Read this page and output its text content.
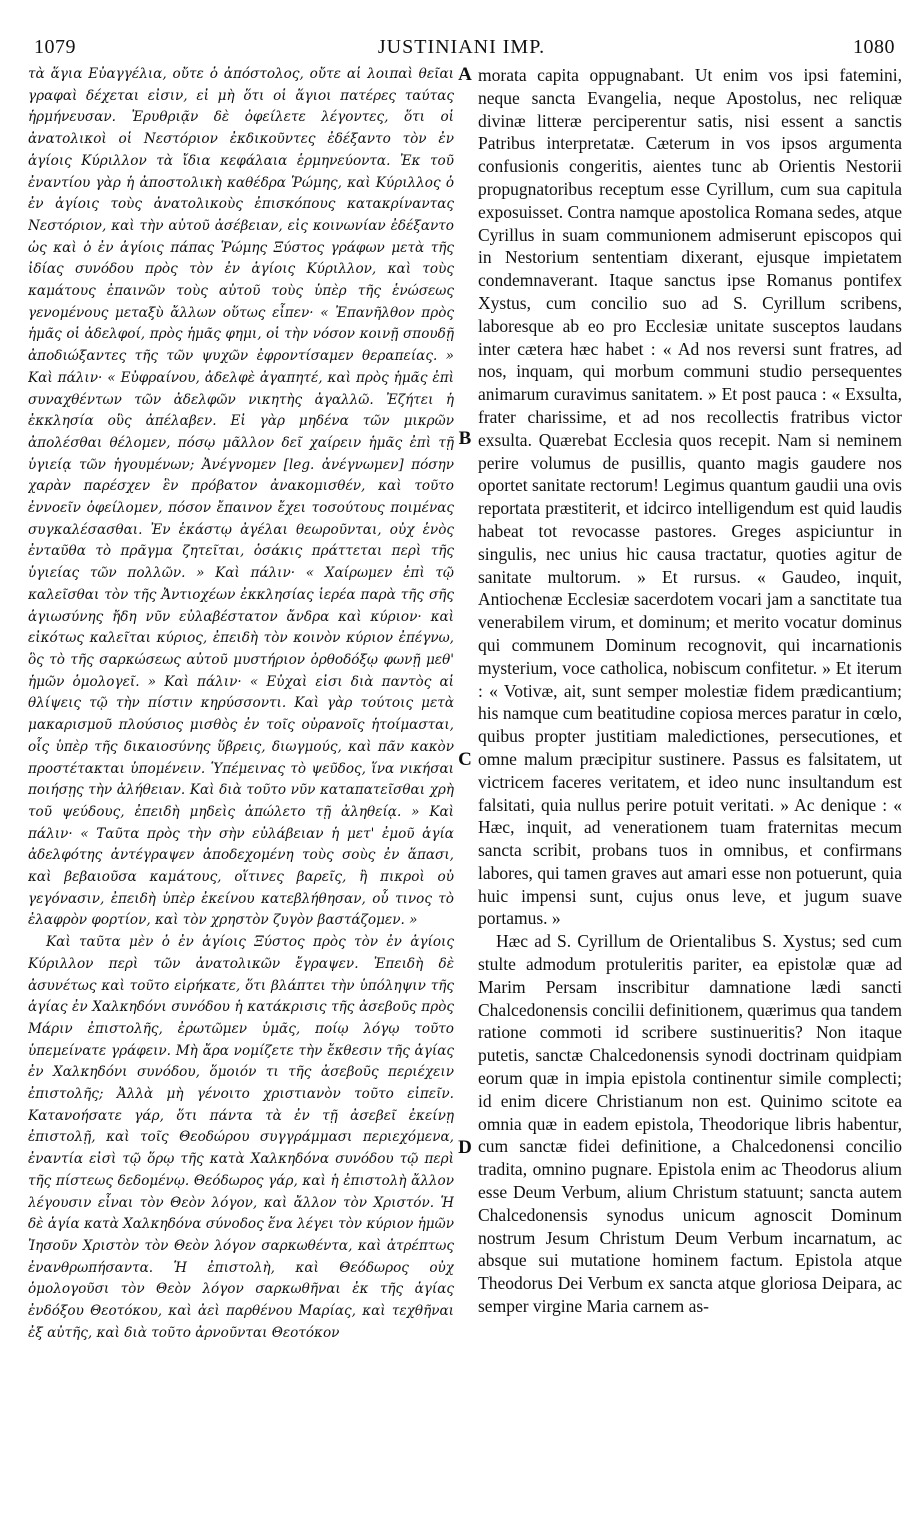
1079	JUSTINIANI IMP.	1080

τὰ ἅγια Εὐαγγέλια, οὔτε ὁ ἀπόστολος, οὔτε αἱ λοιπαὶ θεῖαι γραφαὶ δέχεται εἰσιν, εἰ μὴ ὅτι οἱ ἅγιοι πατέρες ταύτας ἡρμήνευσαν. Ἐρυθριᾷν δὲ ὀφείλετε λέγοντες, ὅτι οἱ ἀνατολικοὶ οἱ Νεστόριον ἐκδικοῦντες ἐδέξαντο τὸν ἐν ἁγίοις Κύριλλον τὰ ἴδια κεφάλαια ἑρμηνεύοντα. Ἐκ τοῦ ἐναντίου γὰρ ἡ ἀποστολικὴ καθέδρα Ῥώμης, καὶ Κύριλλος ὁ ἐν ἁγίοις τοὺς ἀνατολικοὺς ἐπισκόπους κατακρίναντας Νεστόριον, καὶ τὴν αὐτοῦ ἀσέβειαν, εἰς κοινωνίαν ἐδέξαντο ὡς καὶ ὁ ἐν ἁγίοις πάπας Ῥώμης Ξύστος γράφων μετὰ τῆς ἰδίας συνόδου πρὸς τὸν ἐν ἁγίοις Κύριλλον, καὶ τοὺς καμάτους ἐπαινῶν τοὺς αὐτοῦ τοὺς ὑπὲρ τῆς ἑνώσεως γενομένους μεταξὺ ἄλλων οὕτως εἶπεν· « Ἐπανῆλθον πρὸς ἡμᾶς οἱ ἀδελφοί, πρὸς ἡμᾶς φημι, οἱ τὴν νόσον κοινῇ σπουδῇ ἀποδιώξαντες τῆς τῶν ψυχῶν ἐφροντίσαμεν θεραπείας. » Καὶ πάλιν· « Εὐφραίνου, ἀδελφὲ ἀγαπητέ, καὶ πρὸς ἡμᾶς ἐπὶ συναχθέντων τῶν ἀδελφῶν νικητὴς ἀγαλλῶ. Ἐζήτει ἡ ἐκκλησία οὓς ἀπέλαβεν. Εἰ γὰρ μηδένα τῶν μικρῶν ἀπολέσθαι θέλομεν, πόσῳ μᾶλλον δεῖ χαίρειν ἡμᾶς ἐπὶ τῇ ὑγιείᾳ τῶν ἡγουμένων; Ἀνέγνομεν [leg. ἀνέγνωμεν] πόσην χαρὰν παρέσχεν ἓν πρόβατον ἀνακομισθέν, καὶ τοῦτο ἐννοεῖν ὀφείλομεν, πόσον ἔπαινον ἔχει τοσούτους ποιμένας συγκαλέσασθαι. Ἐν ἑκάστῳ ἀγέλαι θεωροῦνται, οὐχ ἑνὸς ἐνταῦθα τὸ πρᾶγμα ζητεῖται, ὁσάκις πράττεται περὶ τῆς ὑγιείας τῶν πολλῶν. » Καὶ πάλιν· « Χαίρωμεν ἐπὶ τῷ καλεῖσθαι τὸν τῆς Ἀντιοχέων ἐκκλησίας ἱερέα παρὰ τῆς σῆς ἁγιωσύνης ἤδη νῦν εὐλαβέστατον ἄνδρα καὶ κύριον· καὶ εἰκότως καλεῖται κύριος, ἐπειδὴ τὸν κοινὸν κύριον ἐπέγνω, ὃς τὸ τῆς σαρκώσεως αὐτοῦ μυστήριον ὀρθοδόξῳ φωνῇ μεθ' ἡμῶν ὁμολογεῖ. » Καὶ πάλιν· « Εὐχαὶ εἰσι διὰ παντὸς αἱ θλίψεις τῷ τὴν πίστιν κηρύσσοντι. Καὶ γὰρ τούτοις μετὰ μακαρισμοῦ πλούσιος μισθὸς ἐν τοῖς οὐρανοῖς ἡτοίμασται, οἷς ὑπὲρ τῆς δικαιοσύνης ὕβρεις, διωγμούς, καὶ πᾶν κακὸν προστέτακται ὑπομένειν. Ὑπέμεινας τὸ ψεῦδος, ἵνα νικήσαι ποιήσῃς τὴν ἀλήθειαν. Καὶ διὰ τοῦτο νῦν καταπατεῖσθαι χρὴ τοῦ ψεύδους, ἐπειδὴ μηδεὶς ἀπώλετο τῇ ἀληθείᾳ. » Καὶ πάλιν· « Ταῦτα πρὸς τὴν σὴν εὐλάβειαν ἡ μετ' ἐμοῦ ἁγία ἀδελφότης ἀντέγραψεν ἀποδεχομένη τοὺς σοὺς ἐν ἅπασι, καὶ βεβαιοῦσα καμάτους, οἵτινες βαρεῖς, ἢ πικροὶ οὐ γεγόνασιν, ἐπειδὴ ὑπὲρ ἐκείνου κατεβλήθησαν, οὗ τινος τὸ ἐλαφρὸν φορτίον, καὶ τὸν χρηστὸν ζυγὸν βαστάζομεν. »

Καὶ ταῦτα μὲν ὁ ἐν ἁγίοις Ξύστος πρὸς τὸν ἐν ἁγίοις Κύριλλον περὶ τῶν ἀνατολικῶν ἔγραψεν. Ἐπειδὴ δὲ ἀσυνέτως καὶ τοῦτο εἰρήκατε, ὅτι βλάπτει τὴν ὑπόληψιν τῆς ἁγίας ἐν Χαλκηδόνι συνόδου ἡ κατάκρισις τῆς ἀσεβοῦς πρὸς Μάριν ἐπιστολῆς, ἐρωτῶμεν ὑμᾶς, ποίῳ λόγῳ τοῦτο ὑπεμείνατε γράφειν. Μὴ ἄρα νομίζετε τὴν ἔκθεσιν τῆς ἁγίας ἐν Χαλκηδόνι συνόδου, ὅμοιόν τι τῆς ἀσεβοῦς περιέχειν ἐπιστολῆς; Ἀλλὰ μὴ γένοιτο χριστιανὸν τοῦτο εἰπεῖν. Κατανοήσατε γάρ, ὅτι πάντα τὰ ἐν τῇ ἀσεβεῖ ἐκείνῃ ἐπιστολῇ, καὶ τοῖς Θεοδώρου συγγράμμασι περιεχόμενα, ἐναντία εἰσὶ τῷ ὅρῳ τῆς κατὰ Χαλκηδόνα συνόδου τῷ περὶ τῆς πίστεως δεδομένῳ. Θεόδωρος γάρ, καὶ ἡ ἐπιστολὴ ἄλλον λέγουσιν εἶναι τὸν Θεὸν λόγον, καὶ ἄλλον τὸν Χριστόν. Ἡ δὲ ἁγία κατὰ Χαλκηδόνα σύνοδος ἕνα λέγει τὸν κύριον ἡμῶν Ἰησοῦν Χριστὸν τὸν Θεὸν λόγον σαρκωθέντα, καὶ ἀτρέπτως ἐνανθρωπήσαντα. Ἡ ἐπιστολὴ, καὶ Θεόδωρος οὐχ ὁμολογοῦσι τὸν Θεὸν λόγον σαρκωθῆναι ἐκ τῆς ἁγίας ἐνδόξου Θεοτόκου, καὶ ἀεὶ παρθένου Μαρίας, καὶ τεχθῆναι ἐξ αὐτῆς, καὶ διὰ τοῦτο ἀρνοῦνται Θεοτόκον

A
B
C
D

morata capita oppugnabant. Ut enim vos ipsi fatemini, neque sancta Evangelia, neque Apostolus, nec reliquæ divinæ litteræ perciperentur satis, nisi essent a sanctis Patribus interpretatæ. Cæterum in vos ipsos argumenta confusionis congeritis, aientes tunc ab Orientis Nestorii propugnatoribus receptum esse Cyrillum, cum sua capitula exposuisset. Contra namque apostolica Romana sedes, atque Cyrillus in suam communionem admiserunt episcopos qui in Nestorium sententiam dixerant, ejusque impietatem condemnaverant. Itaque sanctus ipse Romanus pontifex Xystus, cum concilio suo ad S. Cyrillum scribens, laboresque ab eo pro Ecclesiæ unitate susceptos laudans inter cætera hæc habet : « Ad nos reversi sunt fratres, ad nos, inquam, qui morbum communi studio persequentes animarum curavimus sanitatem. » Et post pauca : « Exsulta, frater charissime, et ad nos recollectis fratribus victor exsulta. Quærebat Ecclesia quos recepit. Nam si neminem perire volumus de pusillis, quanto magis gaudere nos oportet sanitate rectorum! Legimus quantum gaudii una ovis reportata præstiterit, et idcirco intelligendum est quid laudis habeat tot revocasse pastores. Greges aspiciuntur in singulis, nec unius hic causa tractatur, quoties agitur de sanitate multorum. » Et rursus. « Gaudeo, inquit, Antiochenæ Ecclesiæ sacerdotem vocari jam a sanctitate tua venerabilem virum, et dominum; et merito vocatur dominus qui communem Dominum recognovit, qui incarnationis mysterium, voce catholica, nobiscum confitetur. » Et iterum : « Votivæ, ait, sunt semper molestiæ fidem prædicantium; his namque cum beatitudine copiosa merces paratur in cœlo, quibus propter justitiam maledictiones, persecutiones, et omne malum præcipitur sustinere. Passus es falsitatem, ut victricem faceres veritatem, et ideo nunc insultandum est falsitati, quia nullus perire potuit veritati. » Ac denique : « Hæc, inquit, ad venerationem tuam fraternitas mecum sancta scribit, probans tuos in omnibus, et confirmans labores, qui tamen graves aut amari esse non potuerunt, quia huic impensi sunt, cujus onus leve, et jugum suave portamus. »

Hæc ad S. Cyrillum de Orientalibus S. Xystus; sed cum stulte admodum protuleritis pariter, ea epistolæ quæ ad Marim Persam inscribitur damnatione lædi sancti Chalcedonensis concilii definitionem, quærimus qua tandem ratione commoti id scribere sustinueritis? Non itaque putetis, sanctæ Chalcedonensis synodi doctrinam quidpiam eorum quæ in impia epistola continentur simile complecti; id enim dicere Christianum non est. Quinimo scitote ea omnia quæ in eadem epistola, Theodorique libris habentur, cum sanctæ fidei definitione, a Chalcedonensi concilio tradita, omnino pugnare. Epistola enim ac Theodorus alium esse Deum Verbum, alium Christum statuunt; sancta autem Chalcedonensis synodus unicum agnoscit Dominum nostrum Jesum Christum Deum Verbum incarnatum, ac absque sui mutatione hominem factum. Epistola atque Theodorus Dei Verbum ex sancta atque gloriosa Deipara, ac semper virgine Maria carnem as-
